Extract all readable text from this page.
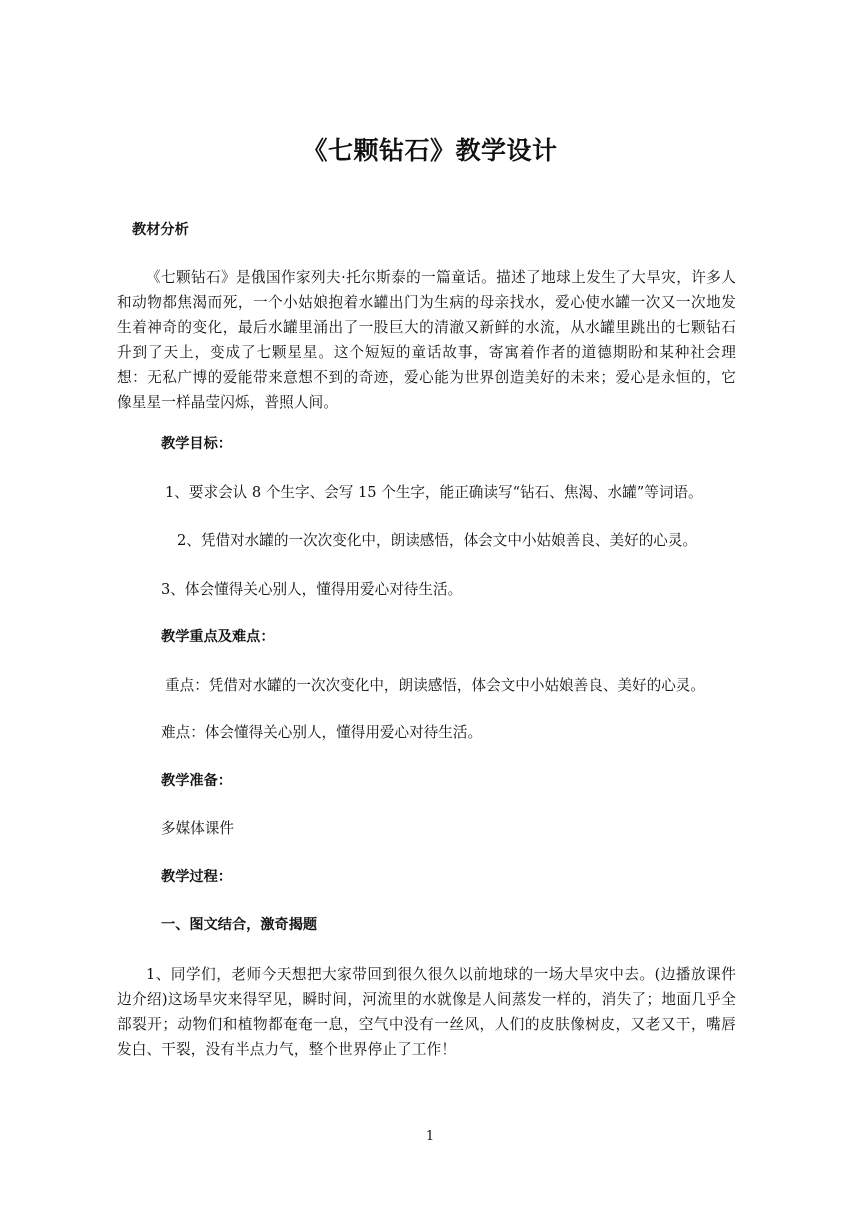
《七颗钻石》教学设计
教材分析
《七颗钻石》是俄国作家列夫·托尔斯泰的一篇童话。描述了地球上发生了大旱灾，许多人和动物都焦渴而死，一个小姑娘抱着水罐出门为生病的母亲找水，爱心使水罐一次又一次地发生着神奇的变化，最后水罐里涌出了一股巨大的清澈又新鲜的水流，从水罐里跳出的七颗钻石升到了天上，变成了七颗星星。这个短短的童话故事，寄寓着作者的道德期盼和某种社会理想：无私广博的爱能带来意想不到的奇迹，爱心能为世界创造美好的未来；爱心是永恒的，它像星星一样晶莹闪烁，普照人间。
教学目标：
1、要求会认 8 个生字、会写 15 个生字，能正确读写“钻石、焦渴、水罐”等词语。
2、凭借对水罐的一次次变化中，朗读感悟，体会文中小姑娘善良、美好的心灵。
3、体会懂得关心别人，懂得用爱心对待生活。
教学重点及难点：
重点：凭借对水罐的一次次变化中，朗读感悟，体会文中小姑娘善良、美好的心灵。
难点：体会懂得关心别人，懂得用爱心对待生活。
教学准备：
多媒体课件
教学过程：
一、图文结合，激奇揭题
1、同学们，老师今天想把大家带回到很久很久以前地球的一场大旱灾中去。(边播放课件边介绍)这场旱灾来得罕见，瞬时间，河流里的水就像是人间蒸发一样的，消失了；地面几乎全部裂开；动物们和植物都奄奄一息，空气中没有一丝风，人们的皮肤像树皮，又老又干，嘴唇发白、干裂，没有半点力气，整个世界停止了工作！
1
